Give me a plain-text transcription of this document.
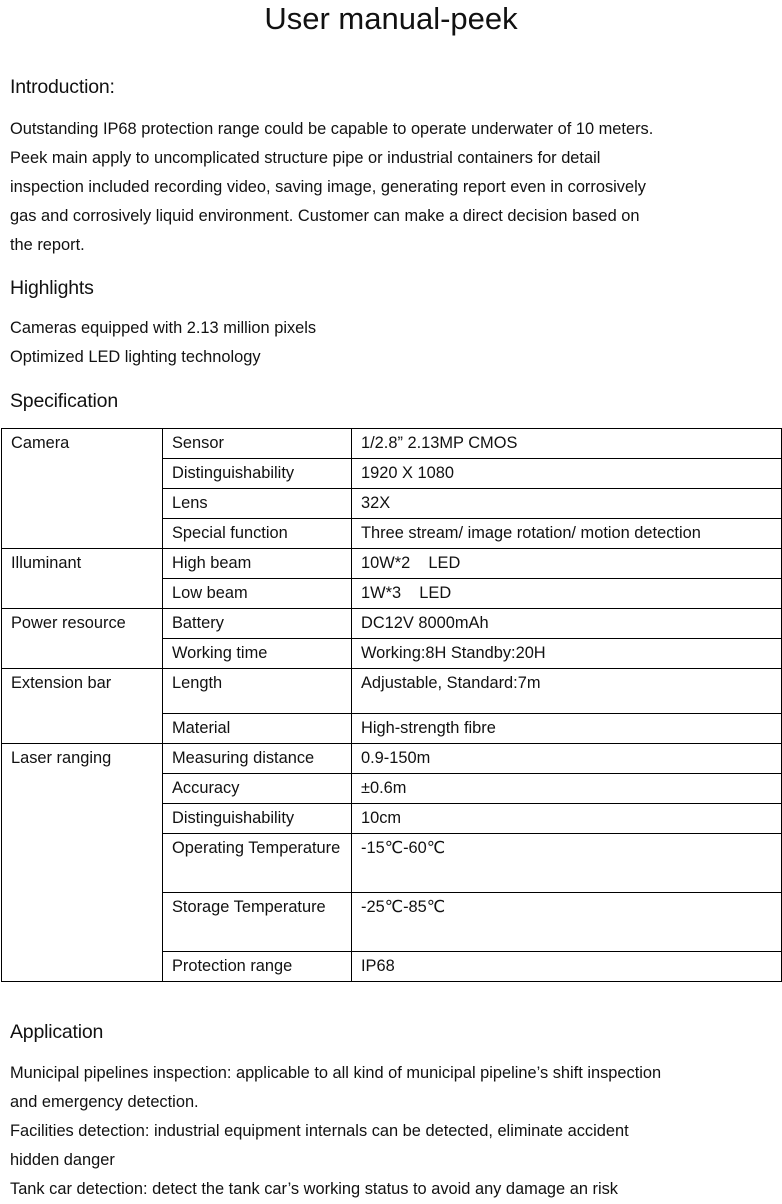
User manual-peek
Introduction:
Outstanding IP68 protection range could be capable to operate underwater of 10 meters.
Peek main apply to uncomplicated structure pipe or industrial containers for detail
inspection included recording video, saving image, generating report even in corrosively
gas and corrosively liquid environment. Customer can make a direct decision based on
the report.
Highlights
Cameras equipped with 2.13 million pixels
Optimized LED lighting technology
Specification
Camera	Sensor	1/2.8” 2.13MP CMOS
	Distinguishability	1920 X 1080
	Lens	32X
	Special function	Three stream/ image rotation/ motion detection
Illuminant	High beam	10W*2    LED
	Low beam	1W*3    LED
Power resource	Battery	DC12V 8000mAh
	Working time	Working:8H Standby:20H
Extension bar	Length	Adjustable, Standard:7m
	Material	High-strength fibre
Laser ranging	Measuring distance	0.9-150m
	Accuracy	±0.6m
	Distinguishability	10cm
	Operating Temperature	-15℃-60℃
	Storage Temperature	-25℃-85℃
	Protection range	IP68
Application
Municipal pipelines inspection: applicable to all kind of municipal pipeline’s shift inspection
and emergency detection.
Facilities detection: industrial equipment internals can be detected, eliminate accident
hidden danger
Tank car detection: detect the tank car’s working status to avoid any damage an risk
